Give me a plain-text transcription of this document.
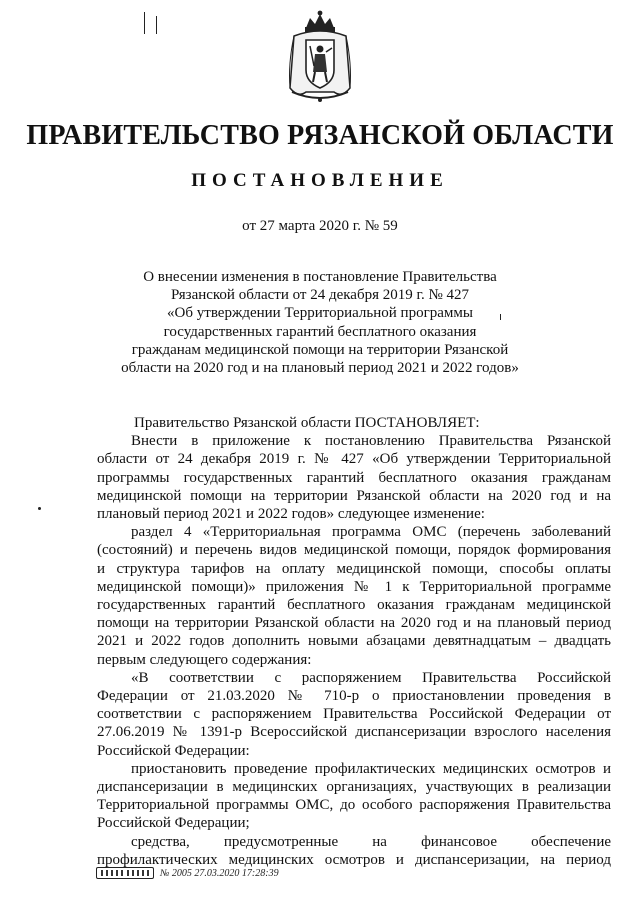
ПРАВИТЕЛЬСТВО РЯЗАНСКОЙ ОБЛАСТИ
ПОСТАНОВЛЕНИЕ
от 27 марта 2020 г. № 59
О внесении изменения в постановление Правительства
Рязанской области от 24 декабря 2019 г. № 427
«Об утверждении Территориальной программы
государственных гарантий бесплатного оказания
гражданам медицинской помощи на территории Рязанской
области на 2020 год и на плановый период 2021 и 2022 годов»
Правительство Рязанской области ПОСТАНОВЛЯЕТ:
Внести в приложение к постановлению Правительства Рязанской
области от 24 декабря 2019 г. № 427 «Об утверждении Территориальной
программы государственных гарантий бесплатного оказания гражданам
медицинской помощи на территории Рязанской области на 2020 год и на
плановый период 2021 и 2022 годов» следующее изменение:
раздел 4 «Территориальная программа ОМС (перечень заболеваний
(состояний) и перечень видов медицинской помощи, порядок формирования
и структура тарифов на оплату медицинской помощи, способы оплаты
медицинской помощи)» приложения № 1 к Территориальной программе
государственных гарантий бесплатного оказания гражданам медицинской
помощи на территории Рязанской области на 2020 год и на плановый период
2021 и 2022 годов дополнить новыми абзацами девятнадцатым – двадцать
первым следующего содержания:
«В соответствии с распоряжением Правительства Российской
Федерации от 21.03.2020 № 710-р о приостановлении проведения в
соответствии с распоряжением Правительства Российской Федерации от
27.06.2019 № 1391-р Всероссийской диспансеризации взрослого населения
Российской Федерации:
приостановить проведение профилактических медицинских осмотров и
диспансеризации в медицинских организациях, участвующих в реализации
Территориальной программы ОМС, до особого распоряжения Правительства
Российской Федерации;
средства, предусмотренные на финансовое обеспечение
профилактических медицинских осмотров и диспансеризации, на период
№ 2005 27.03.2020 17:28:39
